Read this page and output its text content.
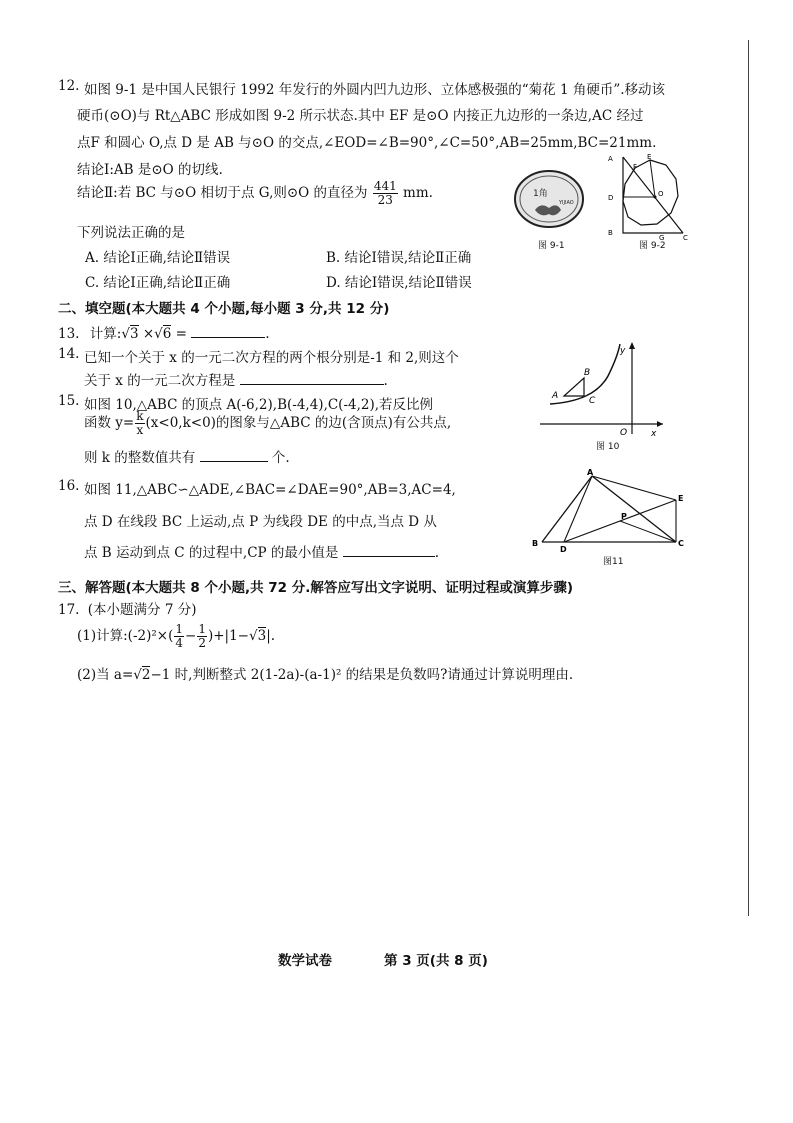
12. 如图 9-1 是中国人民银行 1992 年发行的外圆内凹九边形、立体感极强的“菊花 1 角硬币”.移动该
硬币(⊙O)与 Rt△ABC 形成如图 9-2 所示状态.其中 EF 是⊙O 内接正九边形的一条边,AC 经过
点F 和圆心 O,点 D 是 AB 与⊙O 的交点,∠EOD=∠B=90°,∠C=50°,AB=25mm,BC=21mm.
结论Ⅰ:AB 是⊙O 的切线.
结论Ⅱ:若 BC 与⊙O 相切于点 G,则⊙O 的直径为 $\frac{441}{23}$ mm.
下列说法正确的是
A. 结论Ⅰ正确,结论Ⅱ错误	B. 结论Ⅰ错误,结论Ⅱ正确
C. 结论Ⅰ正确,结论Ⅱ正确	D. 结论Ⅰ错误,结论Ⅱ错误
1角
YIJIAO
图 9-1
A	E
F
D	O
B
G	C
图 9-2
二、填空题(本大题共 4 个小题,每小题 3 分,共 12 分)
13. 计算:√3 ×√6 =	.
14. 已知一个关于 x 的一元二次方程的两个根分别是-1 和 2,则这个
关于 x 的一元二次方程是	.
15. 如图 10,△ABC 的顶点 A(-6,2),B(-4,4),C(-4,2),若反比例
函数 $y= \frac{k}{x} (x<0,k<0)$的图象与△ABC 的边(含顶点)有公共点,
则 k 的整数值共有	个.
A
B
C
O	x
y
图 10
16. 如图 11,△ABC∽△ADE,∠BAC=∠DAE=90°,AB=3,AC=4,
点 D 在线段 BC 上运动,点 P 为线段 DE 的中点,当点 D 从
点 B 运动到点 C 的过程中,CP 的最小值是	.
A
B
D
C
E
P
图11
三、解答题(本大题共 8 个小题,共 72 分.解答应写出文字说明、证明过程或演算步骤)
17. (本小题满分 7 分)
(1)计算:(-2)²×( $\frac{1}{4} - \frac{1}{2} )+|1-√3|$.
(2)当 a=√2−1 时,判断整式 2(1-2a)-(a-1)² 的结果是负数吗?请通过计算说明理由.
数学试卷	第 3 页(共 8 页)
